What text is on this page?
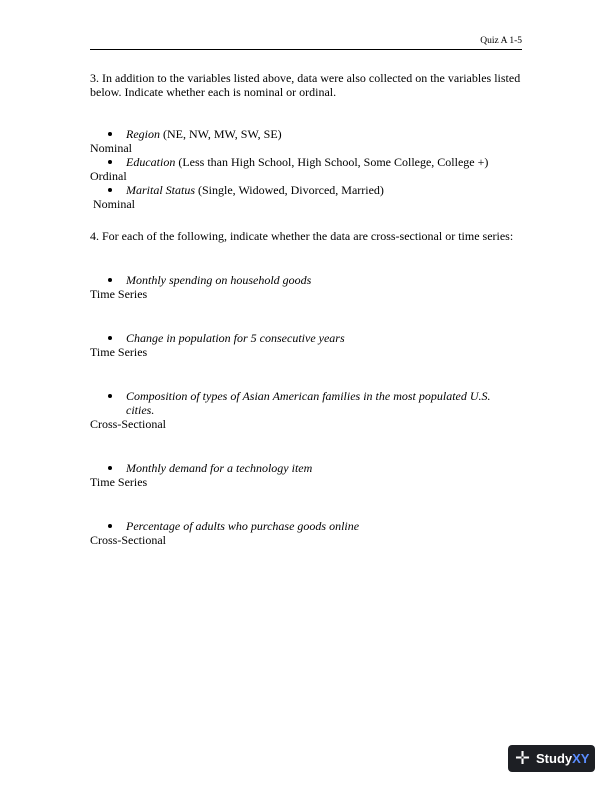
Quiz A 1-5

3. In addition to the variables listed above, data were also collected on the variables listed below. Indicate whether each is nominal or ordinal.

Region (NE, NW, MW, SW, SE)

Nominal

Education (Less than High School, High School, Some College, College +)

Ordinal

Marital Status (Single, Widowed, Divorced, Married)

Nominal

4. For each of the following, indicate whether the data are cross-sectional or time series:

Monthly spending on household goods

Time Series

Change in population for 5 consecutive years

Time Series

Composition of types of Asian American families in the most populated U.S. cities.

Cross-Sectional

Monthly demand for a technology item

Time Series

Percentage of adults who purchase goods online

Cross-Sectional

✛ StudyXY
